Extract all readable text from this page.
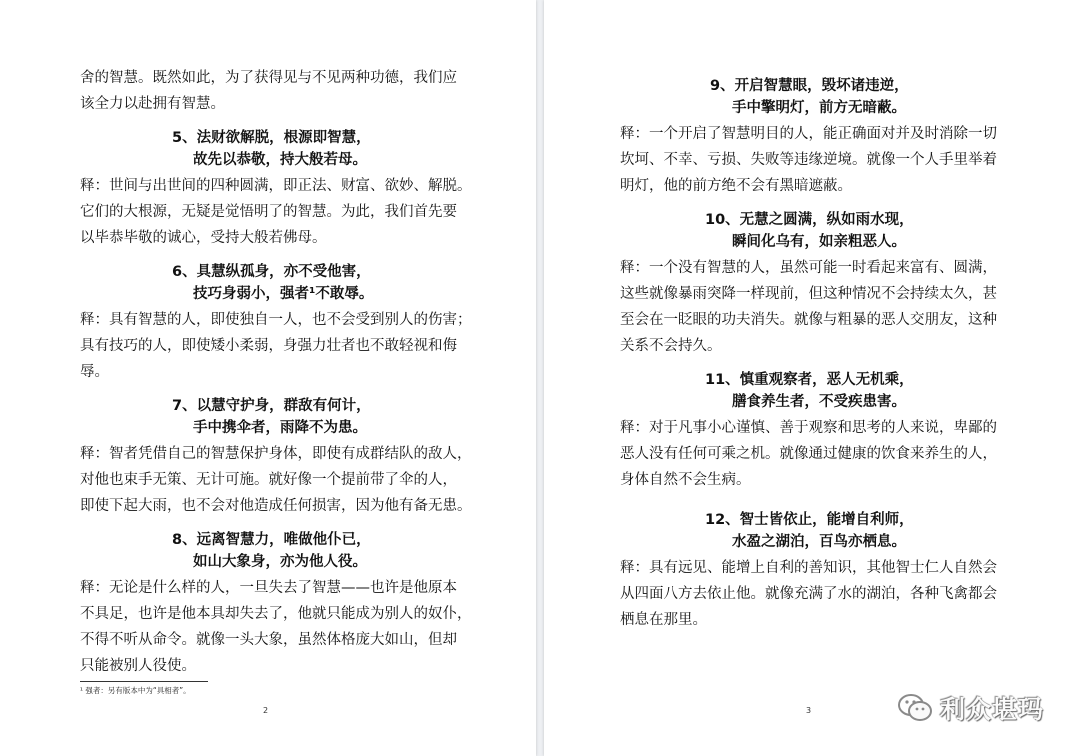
舍的智慧。既然如此，为了获得见与不见两种功德，我们应
该全力以赴拥有智慧。
5、法财欲解脱，根源即智慧，
故先以恭敬，持大般若母。
释：世间与出世间的四种圆满，即正法、财富、欲妙、解脱。
它们的大根源，无疑是觉悟明了的智慧。为此，我们首先要
以毕恭毕敬的诚心，受持大般若佛母。
6、具慧纵孤身，亦不受他害，
技巧身弱小，强者¹不敢辱。
释：具有智慧的人，即使独自一人，也不会受到别人的伤害；
具有技巧的人，即使矮小柔弱，身强力壮者也不敢轻视和侮
辱。
7、以慧守护身，群敌有何计，
手中携伞者，雨降不为患。
释：智者凭借自己的智慧保护身体，即使有成群结队的敌人，
对他也束手无策、无计可施。就好像一个提前带了伞的人，
即使下起大雨，也不会对他造成任何损害，因为他有备无患。
8、远离智慧力，唯做他仆已，
如山大象身，亦为他人役。
释：无论是什么样的人，一旦失去了智慧——也许是他原本
不具足，也许是他本具却失去了，他就只能成为别人的奴仆，
不得不听从命令。就像一头大象，虽然体格庞大如山，但却
只能被别人役使。
¹ 强者：另有版本中为“具相者”。
2
9、开启智慧眼，毁坏诸违逆，
手中擎明灯，前方无暗蔽。
释：一个开启了智慧明目的人，能正确面对并及时消除一切
坎坷、不幸、亏损、失败等违缘逆境。就像一个人手里举着
明灯，他的前方绝不会有黑暗遮蔽。
10、无慧之圆满，纵如雨水现，
瞬间化乌有，如亲粗恶人。
释：一个没有智慧的人，虽然可能一时看起来富有、圆满，
这些就像暴雨突降一样现前，但这种情况不会持续太久，甚
至会在一眨眼的功夫消失。就像与粗暴的恶人交朋友，这种
关系不会持久。
11、慎重观察者，恶人无机乘，
膳食养生者，不受疾患害。
释：对于凡事小心谨慎、善于观察和思考的人来说，卑鄙的
恶人没有任何可乘之机。就像通过健康的饮食来养生的人，
身体自然不会生病。
12、智士皆依止，能增自利师，
水盈之湖泊，百鸟亦栖息。
释：具有远见、能增上自利的善知识，其他智士仁人自然会
从四面八方去依止他。就像充满了水的湖泊，各种飞禽都会
栖息在那里。
3	利众堪玛
